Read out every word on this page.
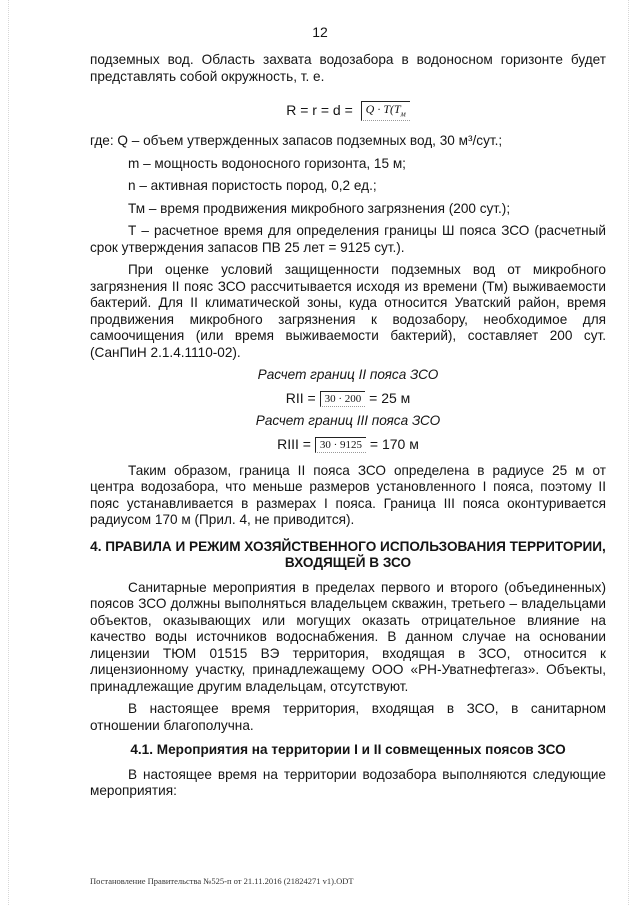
12

подземных вод. Область захвата водозабора в водоносном горизонте будет представлять собой окружность, т. е.

$R = r = d = Q \cdot T(T_м$

где: Q – объем утвержденных запасов подземных вод, 30 м³/сут.;

m – мощность водоносного горизонта, 15 м;

n – активная пористость пород, 0,2 ед.;

Тм – время продвижения микробного загрязнения (200 сут.);

Т – расчетное время для определения границы Ш пояса ЗСО (расчетный срок утверждения запасов ПВ 25 лет = 9125 сут.).

При оценке условий защищенности подземных вод от микробного загрязнения II пояс ЗСО рассчитывается исходя из времени (Тм) выживаемости бактерий. Для II климатической зоны, куда относится Уватский район, время продвижения микробного загрязнения к водозабору, необходимое для самоочищения (или время выживаемости бактерий), составляет 200 сут. (СанПиН 2.1.4.1110-02).

Расчет границ II пояса ЗСО

RII = 30 · 200 = 25 м

Расчет границ III пояса ЗСО

RIII = 30 · 9125 = 170 м

Таким образом, граница II пояса ЗСО определена в радиусе 25 м от центра водозабора, что меньше размеров установленного I пояса, поэтому II пояс устанавливается в размерах I пояса. Граница III пояса оконтуривается радиусом 170 м (Прил. 4, не приводится).

4. ПРАВИЛА И РЕЖИМ ХОЗЯЙСТВЕННОГО ИСПОЛЬЗОВАНИЯ ТЕРРИТОРИИ, ВХОДЯЩЕЙ В ЗСО

Санитарные мероприятия в пределах первого и второго (объединенных) поясов ЗСО должны выполняться владельцем скважин, третьего – владельцами объектов, оказывающих или могущих оказать отрицательное влияние на качество воды источников водоснабжения. В данном случае на основании лицензии ТЮМ 01515 ВЭ территория, входящая в ЗСО, относится к лицензионному участку, принадлежащему ООО «РН-Уватнефтегаз». Объекты, принадлежащие другим владельцам, отсутствуют.

В настоящее время территория, входящая в ЗСО, в санитарном отношении благополучна.

4.1. Мероприятия на территории I и II совмещенных поясов ЗСО

В настоящее время на территории водозабора выполняются следующие мероприятия:

Постановление Правительства №525-п от 21.11.2016 (21824271 v1).ODT
